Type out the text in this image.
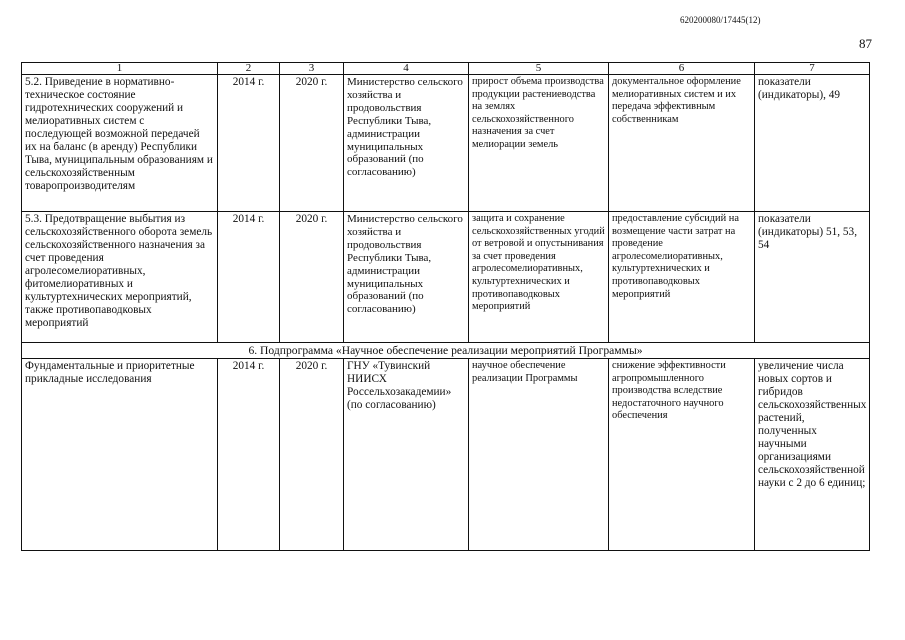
620200080/17445(12)
87
1	2	3	4	5	6	7
5.2. Приведение в нормативно-техническое состояние гидротехнических сооружений и мелиоративных систем с последующей возможной передачей их на баланс (в аренду) Республики Тыва, муниципальным образованиям и сельскохозяйственным товаропроизводителям	2014 г.	2020 г.	Министерство сельского хозяйства и продовольствия Республики Тыва, администрации муниципальных образований (по согласованию)	прирост объема производства продукции растениеводства на землях сельскохозяйственного назначения за счет мелиорации земель	документальное оформление мелиоративных систем и их передача эффективным собственникам	показатели (индикаторы), 49
5.3. Предотвращение выбытия из сельскохозяйственного оборота земель сельскохозяйственного назначения за счет проведения агролесомелиоративных, фитомелиоративных и культуртехнических мероприятий, также противопаводковых мероприятий	2014 г.	2020 г.	Министерство сельского хозяйства и продовольствия Республики Тыва, администрации муниципальных образований (по согласованию)	защита и сохранение сельскохозяйственных угодий от ветровой и опустынивания за счет проведения агролесомелиоративных, культуртехнических и противопаводковых мероприятий	предоставление субсидий на возмещение части затрат на проведение агролесомелиоративных, культуртехнических и противопаводковых мероприятий	показатели (индикаторы) 51, 53, 54
6. Подпрограмма «Научное обеспечение реализации мероприятий Программы»						
Фундаментальные и приоритетные прикладные исследования	2014 г.	2020 г.	ГНУ «Тувинский НИИСХ Россельхозакадемии» (по согласованию)	научное обеспечение реализации Программы	снижение эффективности агропромышленного производства вследствие недостаточного научного обеспечения	увеличение числа новых сортов и гибридов сельскохозяйственных растений, полученных научными организациями сельскохозяйственной науки с 2 до 6 единиц;
